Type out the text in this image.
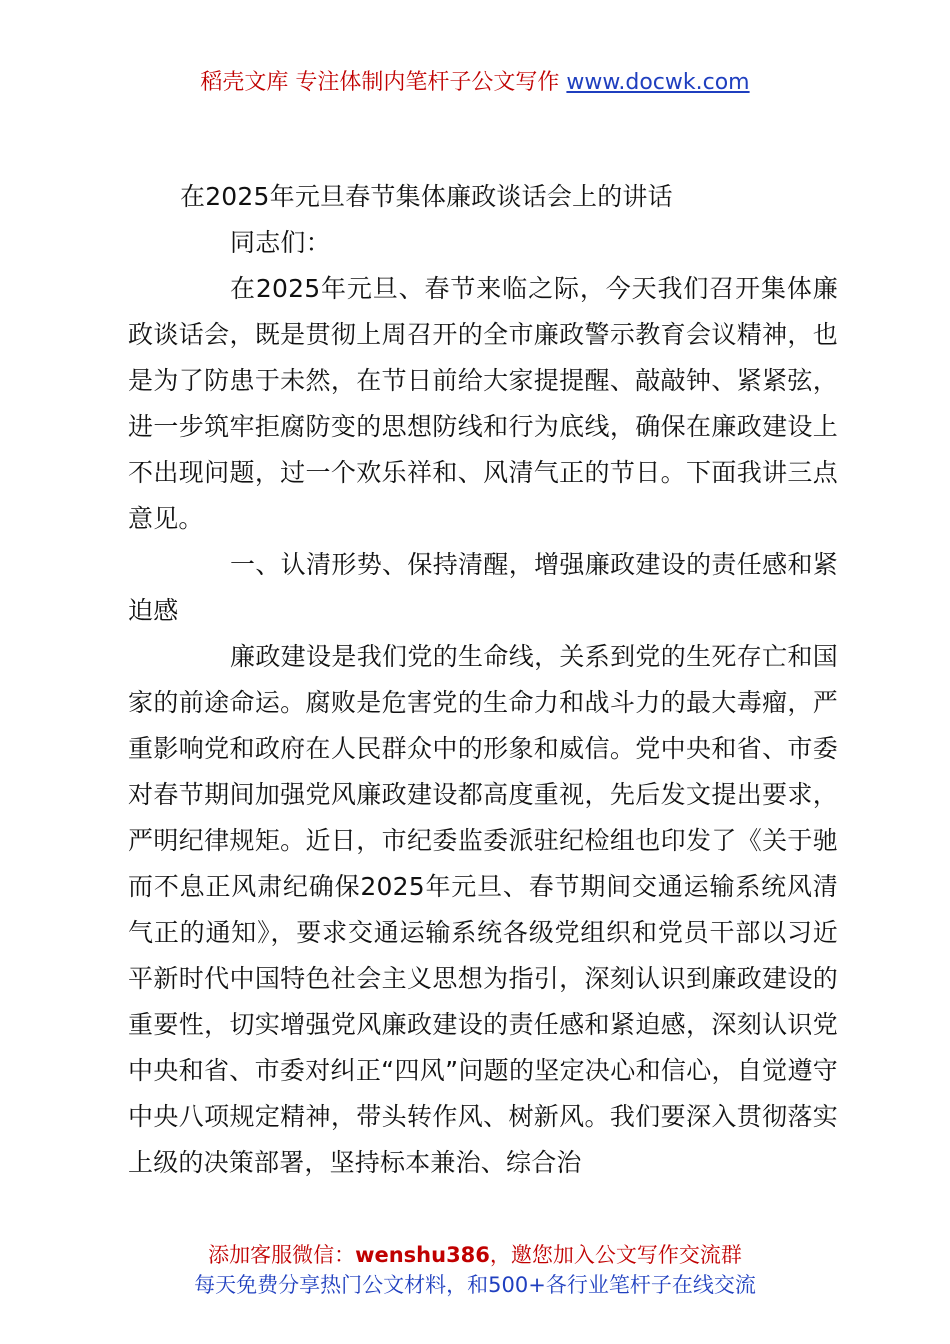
稻壳文库 专注体制内笔杆子公文写作 www.docwk.com
在2025年元旦春节集体廉政谈话会上的讲话
同志们：

在2025年元旦、春节来临之际，今天我们召开集体廉政谈话会，既是贯彻上周召开的全市廉政警示教育会议精神，也是为了防患于未然，在节日前给大家提提醒、敲敲钟、紧紧弦，进一步筑牢拒腐防变的思想防线和行为底线，确保在廉政建设上不出现问题，过一个欢乐祥和、风清气正的节日。下面我讲三点意见。

一、认清形势、保持清醒，增强廉政建设的责任感和紧迫感

廉政建设是我们党的生命线，关系到党的生死存亡和国家的前途命运。腐败是危害党的生命力和战斗力的最大毒瘤，严重影响党和政府在人民群众中的形象和威信。党中央和省、市委对春节期间加强党风廉政建设都高度重视，先后发文提出要求，严明纪律规矩。近日，市纪委监委派驻纪检组也印发了《关于驰而不息正风肃纪确保2025年元旦、春节期间交通运输系统风清气正的通知》，要求交通运输系统各级党组织和党员干部以习近平新时代中国特色社会主义思想为指引，深刻认识到廉政建设的重要性，切实增强党风廉政建设的责任感和紧迫感，深刻认识党中央和省、市委对纠正“四风”问题的坚定决心和信心，自觉遵守中央八项规定精神，带头转作风、树新风。我们要深入贯彻落实上级的决策部署，坚持标本兼治、综合治

添加客服微信：wenshu386，邀您加入公文写作交流群
每天免费分享热门公文材料，和500+各行业笔杆子在线交流
